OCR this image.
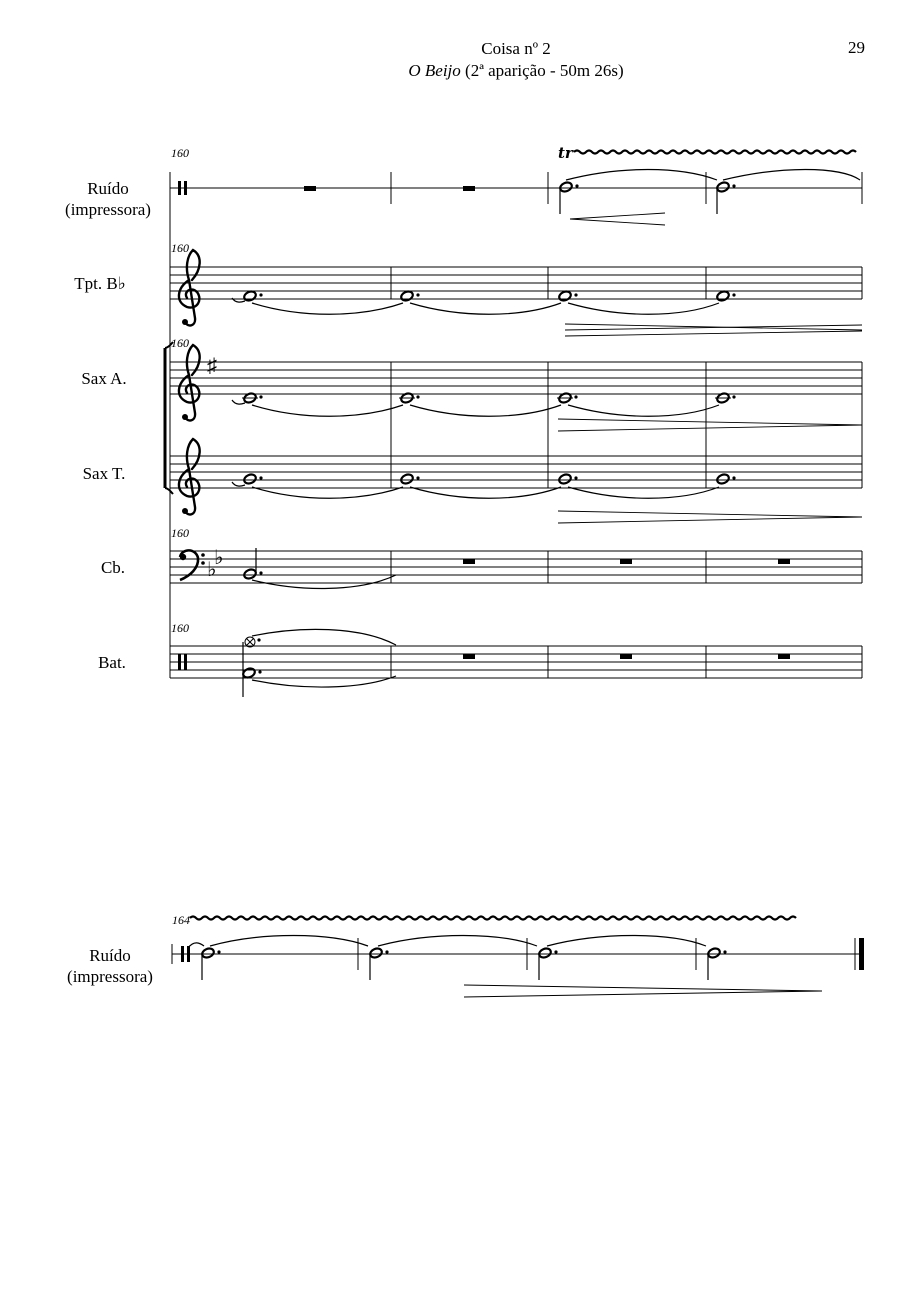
Coisa nº 2
O Beijo (2ª aparição - 50m 26s)
29
Ruído
(impressora)
Tpt. B♭
Sax A.
Sax T.
Cb.
Bat.
Ruído
(impressora)
160
160
160
160
160
164
tr
♯
♭
♭
